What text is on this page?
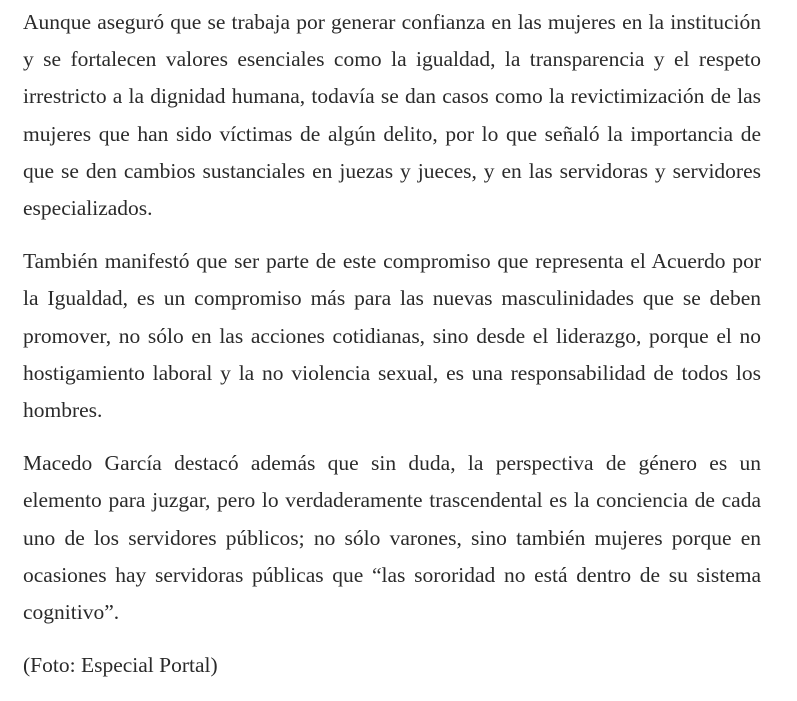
Aunque aseguró que se trabaja por generar confianza en las mujeres en la institución y se fortalecen valores esenciales como la igualdad, la transparencia y el respeto irrestricto a la dignidad humana, todavía se dan casos como la revictimización de las mujeres que han sido víctimas de algún delito, por lo que señaló la importancia de que se den cambios sustanciales en juezas y jueces, y en las servidoras y servidores especializados.

También manifestó que ser parte de este compromiso que representa el Acuerdo por la Igualdad, es un compromiso más para las nuevas masculinidades que se deben promover, no sólo en las acciones cotidianas, sino desde el liderazgo, porque el no hostigamiento laboral y la no violencia sexual, es una responsabilidad de todos los hombres.

Macedo García destacó además que sin duda, la perspectiva de género es un elemento para juzgar, pero lo verdaderamente trascendental es la conciencia de cada uno de los servidores públicos; no sólo varones, sino también mujeres porque en ocasiones hay servidoras públicas que “las sororidad no está dentro de su sistema cognitivo”.

(Foto: Especial Portal)
